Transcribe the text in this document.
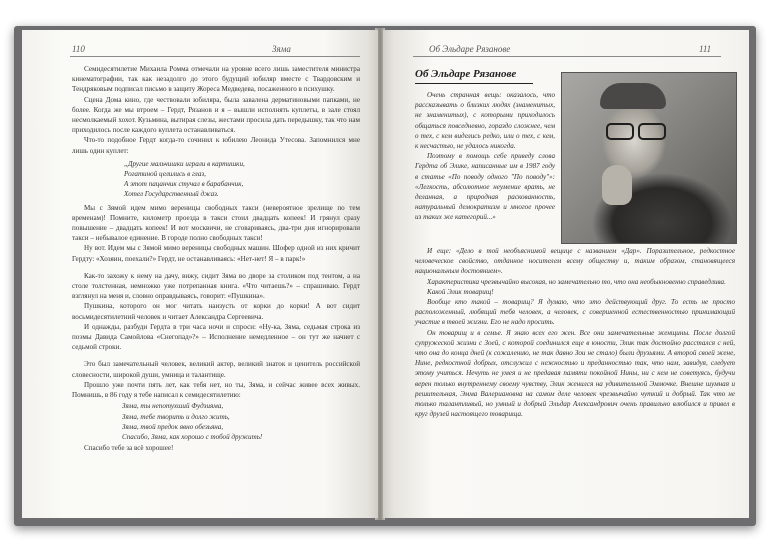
110	Зяма

Семидесятилетие Михаила Ромма отмечали на уровне всего лишь заместителя министра кинематографии, так как незадолго до этого будущий юбиляр вместе с Твардовским и Тендряковым подписал письмо в защиту Жореса Медведева, посаженного в психушку.

Сцена Дома кино, где чествовали юбиляра, была завалена дерматиновыми папками, не более. Когда же мы втроем – Гердт, Рязанов и я – вышли исполнять куплеты, в зале стоял несмолкаемый хохот. Кузьмина, вытирая слезы, жестами просила дать передышку, так что нам приходилось после каждого куплета останавливаться.

Что-то подобное Гердт когда-то сочинил к юбилею Леонида Утесова. Запомнился мне лишь один куплет:

„Другие мальчишки играли в картишки,
Рогатиной целились в глаз,
А этот пацанчик стучал в барабанчик,
Хотел Государственный джаз.

Мы с Зямой идем мимо вереницы свободных такси (невероятное зрелище по тем временам)! Помните, километр проезда в такси стоил двадцать копеек! И грянул сразу повышение – двадцать копеек! И вот москвичи, не сговариваясь, два-три дня игнорировали такси – небывалое единение. В городе полно свободных такси!

Ну вот. Идем мы с Зямой мимо вереницы свободных машин. Шофер одной из них кричит Гердту: «Хозяин, поехали?» Гердт, не останавливаясь: «Нет-нет! Я – в парк!»

Как-то захожу к нему на дачу, вижу, сидит Зяма во дворе за столиком под тентом, а на столе толстенная, немножко уже потрепанная книга. «Что читаешь?» – спрашиваю. Гердт взглянул на меня и, словно оправдываясь, говорит: «Пушкина».

Пушкина, которого он мог читать наизусть от корки до корки! А вот сидит восьмидесятилетний человек и читает Александра Сергеевича.

И однажды, разбуди Гердта в три часа ночи и спроси: «Ну-ка, Зяма, седьмая строка из поэмы Давида Самойлова «Снегопад»?» – Исполнение немедленное – он тут же начнет с седьмой строки.

Это был замечательный человек, великий актер, великий знаток и ценитель российской словесности, широкой души, умница и талантище.

Прошло уже почти пять лет, как тебя нет, но ты, Зяма, и сейчас живее всех живых. Помнишь, в 86 году я тебе написал к семидесятилетию:

Зяма, ты непотухший Фудзияма,
Зяма, тебе творить и долго жить,
Зяма, твой предок явно обезьяна,
Спасибо, Зяма, как хорошо с тобой дружить!

Спасибо тебе за всё хорошее!

Об Эльдаре Рязанове	111
Об Эльдаре Рязанове

Очень странная вещь: оказалось, что рассказывать о близких людях (знаменитых, не знаменитых), с которыми приходилось общаться повседневно, гораздо сложнее, чем о тех, с кем виделись редко, или о тех, с кем, к несчастью, не удалось никогда.

Поэтому в помощь себе приведу слова Гердта об Элике, написанные им в 1987 году в статье «По поводу одного "По поводу"»: «Легкость, абсолютное неумение врать, не деланная, а природная раскованность, натуральный демократизм и многое прочее из таких же категорий...»

И еще: «Дело в той необъяснимой вещице с названием «Дар». Поразительное, редкостное человеческое свойство, отданное носителем всему обществу и, таким образом, становящееся национальным достоянием».

Характеристика чрезвычайно высокая, но замечательно то, что она необыкновенно справедлива.

Какой Элик товарищ!

Вообще кто такой – товарищ? Я думаю, что это действующий друг. То есть не просто расположенный, любящий тебя человек, а человек, с совершенной естественностью принимающий участие в твоей жизни. Его не надо просить.

Он товарищ и в семье. Я знаю всех его жен. Все они замечательные женщины. После долгой супружеской жизни с Зоей, с которой соединился еще в юности, Элик так достойно расстался с ней, что она до конца дней (к сожалению, не так давно Зои не стало) были друзьями. А второй своей жене, Нине, редкостной добрых, отслужил с нежностью и преданностью так, что нам, завидуя, следует этому учиться. Нечуть не умея и не предавая памяти покойной Нины, ни с кем не советуясь, будучи верен только внутреннему своему чувству, Элик женился на удивительной Эммочке. Внешне шумная и решительная, Эмма Валериановна на самом деле человек чрезвычайно чуткий и добрый. Так что не только талантливый, но умный и добрый Эльдар Александрович очень правильно влюбился и привел в круг друзей настоящего товарища.
